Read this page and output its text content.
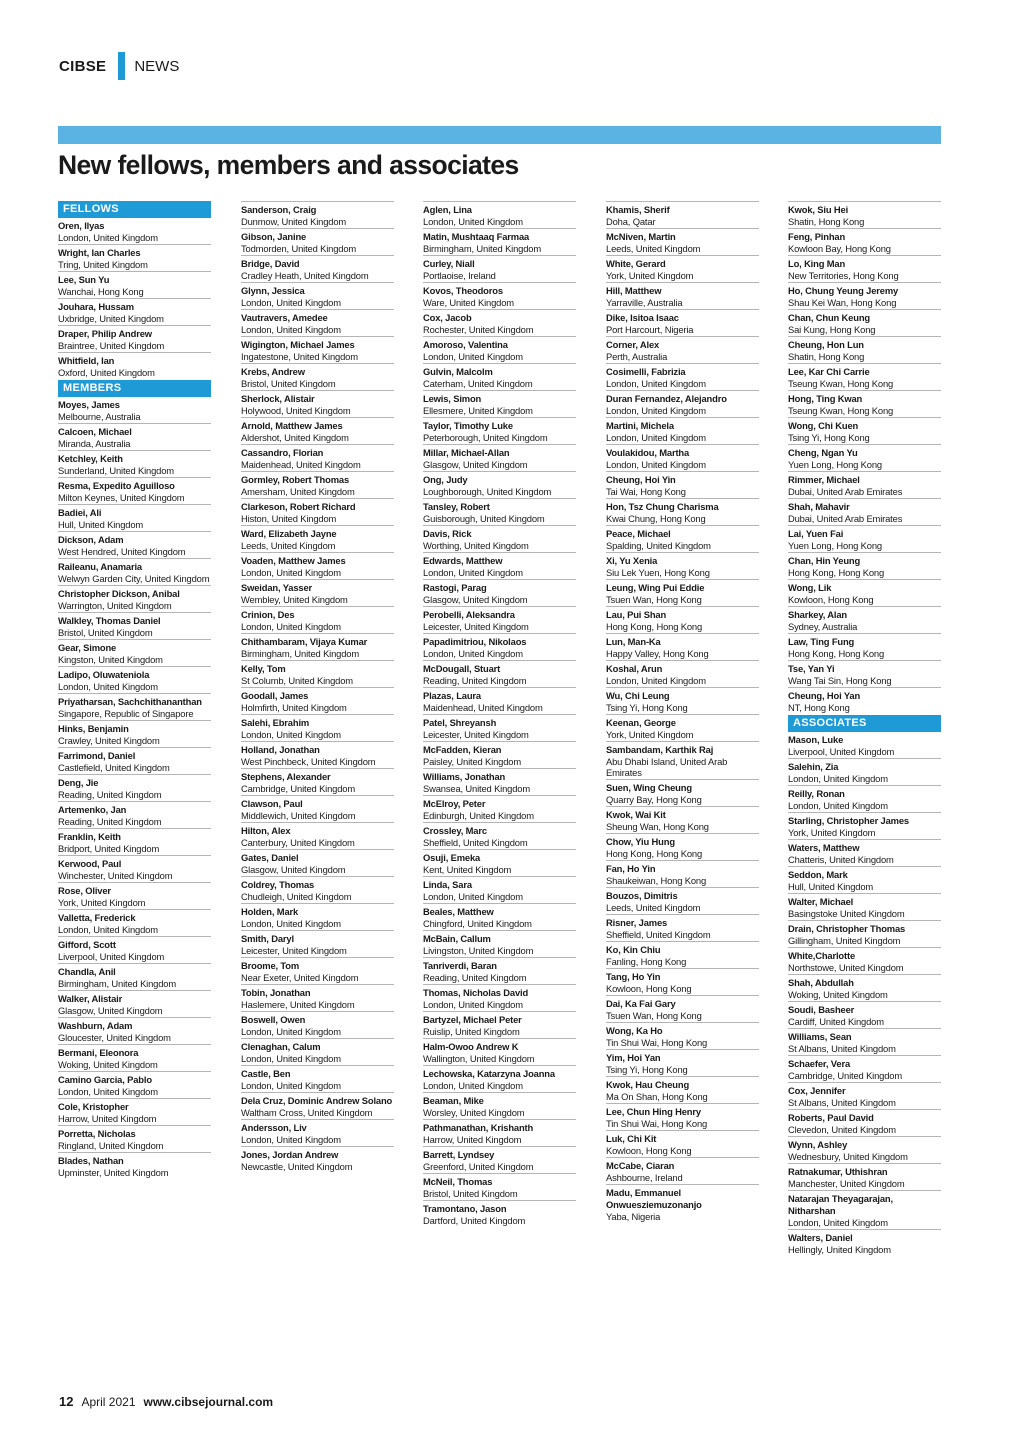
CIBSE NEWS
New fellows, members and associates
FELLOWS
Oren, Ilyas
London, United Kingdom
Wright, Ian Charles
Tring, United Kingdom
Lee, Sun Yu
Wanchai, Hong Kong
Jouhara, Hussam
Uxbridge, United Kingdom
Draper, Philip Andrew
Braintree, United Kingdom
Whitfield, Ian
Oxford, United Kingdom
MEMBERS
Moyes, James
Melbourne, Australia
Calcoen, Michael
Miranda, Australia
Ketchley, Keith
Sunderland, United Kingdom
Resma, Expedito Aguilloso
Milton Keynes, United Kingdom
Badiei, Ali
Hull, United Kingdom
Dickson, Adam
West Hendred, United Kingdom
Raileanu, Anamaria
Welwyn Garden City, United Kingdom
Christopher Dickson, Anibal
Warrington, United Kingdom
Walkley, Thomas Daniel
Bristol, United Kingdom
Gear, Simone
Kingston, United Kingdom
Ladipo, Oluwateniola
London, United Kingdom
Priyatharsan, Sachchithananthan
Singapore, Republic of Singapore
Hinks, Benjamin
Crawley, United Kingdom
Farrimond, Daniel
Castlefield, United Kingdom
Deng, Jie
Reading, United Kingdom
Artemenko, Jan
Reading, United Kingdom
Franklin, Keith
Bridport, United Kingdom
Kerwood, Paul
Winchester, United Kingdom
Rose, Oliver
York, United Kingdom
Valletta, Frederick
London, United Kingdom
Gifford, Scott
Liverpool, United Kingdom
Chandla, Anil
Birmingham, United Kingdom
Walker, Alistair
Glasgow, United Kingdom
Washburn, Adam
Gloucester, United Kingdom
Bermani, Eleonora
Woking, United Kingdom
Camino Garcia, Pablo
London, United Kingdom
Cole, Kristopher
Harrow, United Kingdom
Porretta, Nicholas
Ringland, United Kingdom
Blades, Nathan
Upminster, United Kingdom
Sanderson, Craig
Dunmow, United Kingdom
Gibson, Janine
Todmorden, United Kingdom
Bridge, David
Cradley Heath, United Kingdom
Glynn, Jessica
London, United Kingdom
Vautravers, Amedee
London, United Kingdom
Wigington, Michael James
Ingatestone, United Kingdom
Krebs, Andrew
Bristol, United Kingdom
Sherlock, Alistair
Holywood, United Kingdom
Arnold, Matthew James
Aldershot, United Kingdom
Cassandro, Florian
Maidenhead, United Kingdom
Gormley, Robert Thomas
Amersham, United Kingdom
Clarkeson, Robert Richard
Histon, United Kingdom
Ward, Elizabeth Jayne
Leeds, United Kingdom
Voaden, Matthew James
London, United Kingdom
Sweidan, Yasser
Wembley, United Kingdom
Crinion, Des
London, United Kingdom
Chithambaram, Vijaya Kumar
Birmingham, United Kingdom
Kelly, Tom
St Columb, United Kingdom
Goodall, James
Holmfirth, United Kingdom
Salehi, Ebrahim
London, United Kingdom
Holland, Jonathan
West Pinchbeck, United Kingdom
Stephens, Alexander
Cambridge, United Kingdom
Clawson, Paul
Middlewich, United Kingdom
Hilton, Alex
Canterbury, United Kingdom
Gates, Daniel
Glasgow, United Kingdom
Coldrey, Thomas
Chudleigh, United Kingdom
Holden, Mark
London, United Kingdom
Smith, Daryl
Leicester, United Kingdom
Broome, Tom
Near Exeter, United Kingdom
Tobin, Jonathan
Haslemere, United Kingdom
Boswell, Owen
London, United Kingdom
Clenaghan, Calum
London, United Kingdom
Castle, Ben
London, United Kingdom
Dela Cruz, Dominic Andrew Solano
Waltham Cross, United Kingdom
Andersson, Liv
London, United Kingdom
Jones, Jordan Andrew
Newcastle, United Kingdom
Aglen, Lina
London, United Kingdom
Matin, Mushtaaq Farmaa
Birmingham, United Kingdom
Curley, Niall
Portlaoise, Ireland
Kovos, Theodoros
Ware, United Kingdom
Cox, Jacob
Rochester, United Kingdom
Amoroso, Valentina
London, United Kingdom
Gulvin, Malcolm
Caterham, United Kingdom
Lewis, Simon
Ellesmere, United Kingdom
Taylor, Timothy Luke
Peterborough, United Kingdom
Millar, Michael-Allan
Glasgow, United Kingdom
Ong, Judy
Loughborough, United Kingdom
Tansley, Robert
Guisborough, United Kingdom
Davis, Rick
Worthing, United Kingdom
Edwards, Matthew
London, United Kingdom
Rastogi, Parag
Glasgow, United Kingdom
Perobelli, Aleksandra
Leicester, United Kingdom
Papadimitriou, Nikolaos
London, United Kingdom
McDougall, Stuart
Reading, United Kingdom
Plazas, Laura
Maidenhead, United Kingdom
Patel, Shreyansh
Leicester, United Kingdom
McFadden, Kieran
Paisley, United Kingdom
Williams, Jonathan
Swansea, United Kingdom
McElroy, Peter
Edinburgh, United Kingdom
Crossley, Marc
Sheffield, United Kingdom
Osuji, Emeka
Kent, United Kingdom
Linda, Sara
London, United Kingdom
Beales, Matthew
Chingford, United Kingdom
McBain, Callum
Livingston, United Kingdom
Tanriverdi, Baran
Reading, United Kingdom
Thomas, Nicholas David
London, United Kingdom
Bartyzel, Michael Peter
Ruislip, United Kingdom
Halm-Owoo Andrew K
Wallington, United Kingdom
Lechowska, Katarzyna Joanna
London, United Kingdom
Beaman, Mike
Worsley, United Kingdom
Pathmanathan, Krishanth
Harrow, United Kingdom
Barrett, Lyndsey
Greenford, United Kingdom
McNeil, Thomas
Bristol, United Kingdom
Tramontano, Jason
Dartford, United Kingdom
Khamis, Sherif
Doha, Qatar
McNiven, Martin
Leeds, United Kingdom
White, Gerard
York, United Kingdom
Hill, Matthew
Yarraville, Australia
Dike, Isitoa Isaac
Port Harcourt, Nigeria
Corner, Alex
Perth, Australia
Cosimelli, Fabrizia
London, United Kingdom
Duran Fernandez, Alejandro
London, United Kingdom
Martini, Michela
London, United Kingdom
Voulakidou, Martha
London, United Kingdom
Cheung, Hoi Yin
Tai Wai, Hong Kong
Hon, Tsz Chung Charisma
Kwai Chung, Hong Kong
Peace, Michael
Spalding, United Kingdom
Xi, Yu Xenia
Siu Lek Yuen, Hong Kong
Leung, Wing Pui Eddie
Tsuen Wan, Hong Kong
Lau, Pui Shan
Hong Kong, Hong Kong
Lun, Man-Ka
Happy Valley, Hong Kong
Koshal, Arun
London, United Kingdom
Wu, Chi Leung
Tsing Yi, Hong Kong
Keenan, George
York, United Kingdom
Sambandam, Karthik Raj
Abu Dhabi Island, United Arab Emirates
Suen, Wing Cheung
Quarry Bay, Hong Kong
Kwok, Wai Kit
Sheung Wan, Hong Kong
Chow, Yiu Hung
Hong Kong, Hong Kong
Fan, Ho Yin
Shaukeiwan, Hong Kong
Bouzos, Dimitris
Leeds, United Kingdom
Risner, James
Sheffield, United Kingdom
Ko, Kin Chiu
Fanling, Hong Kong
Tang, Ho Yin
Kowloon, Hong Kong
Dai, Ka Fai Gary
Tsuen Wan, Hong Kong
Wong, Ka Ho
Tin Shui Wai, Hong Kong
Yim, Hoi Yan
Tsing Yi, Hong Kong
Kwok, Hau Cheung
Ma On Shan, Hong Kong
Lee, Chun Hing Henry
Tin Shui Wai, Hong Kong
Luk, Chi Kit
Kowloon, Hong Kong
McCabe, Ciaran
Ashbourne, Ireland
Madu, Emmanuel Onwuesziemuzonanjo
Yaba, Nigeria
Kwok, Siu Hei
Shatin, Hong Kong
Feng, Pinhan
Kowloon Bay, Hong Kong
Lo, King Man
New Territories, Hong Kong
Ho, Chung Yeung Jeremy
Shau Kei Wan, Hong Kong
Chan, Chun Keung
Sai Kung, Hong Kong
Cheung, Hon Lun
Shatin, Hong Kong
Lee, Kar Chi Carrie
Tseung Kwan, Hong Kong
Hong, Ting Kwan
Tseung Kwan, Hong Kong
Wong, Chi Kuen
Tsing Yi, Hong Kong
Cheng, Ngan Yu
Yuen Long, Hong Kong
Rimmer, Michael
Dubai, United Arab Emirates
Shah, Mahavir
Dubai, United Arab Emirates
Lai, Yuen Fai
Yuen Long, Hong Kong
Chan, Hin Yeung
Hong Kong, Hong Kong
Wong, Lik
Kowloon, Hong Kong
Sharkey, Alan
Sydney, Australia
Law, Ting Fung
Hong Kong, Hong Kong
Tse, Yan Yi
Wang Tai Sin, Hong Kong
Cheung, Hoi Yan
NT, Hong Kong
ASSOCIATES
Mason, Luke
Liverpool, United Kingdom
Salehin, Zia
London, United Kingdom
Reilly, Ronan
London, United Kingdom
Starling, Christopher James
York, United Kingdom
Waters, Matthew
Chatteris, United Kingdom
Seddon, Mark
Hull, United Kingdom
Walter, Michael
Basingstoke United Kingdom
Drain, Christopher Thomas
Gillingham, United Kingdom
White,Charlotte
Northstowe, United Kingdom
Shah, Abdullah
Woking, United Kingdom
Soudi, Basheer
Cardiff, United Kingdom
Williams, Sean
St Albans, United Kingdom
Schaefer, Vera
Cambridge, United Kingdom
Cox, Jennifer
St Albans, United Kingdom
Roberts, Paul David
Clevedon, United Kingdom
Wynn, Ashley
Wednesbury, United Kingdom
Ratnakumar, Uthishran
Manchester, United Kingdom
Natarajan Theyagarajan, Nitharshan
London, United Kingdom
Walters, Daniel
Hellingly, United Kingdom
12 April 2021 www.cibsejournal.com
